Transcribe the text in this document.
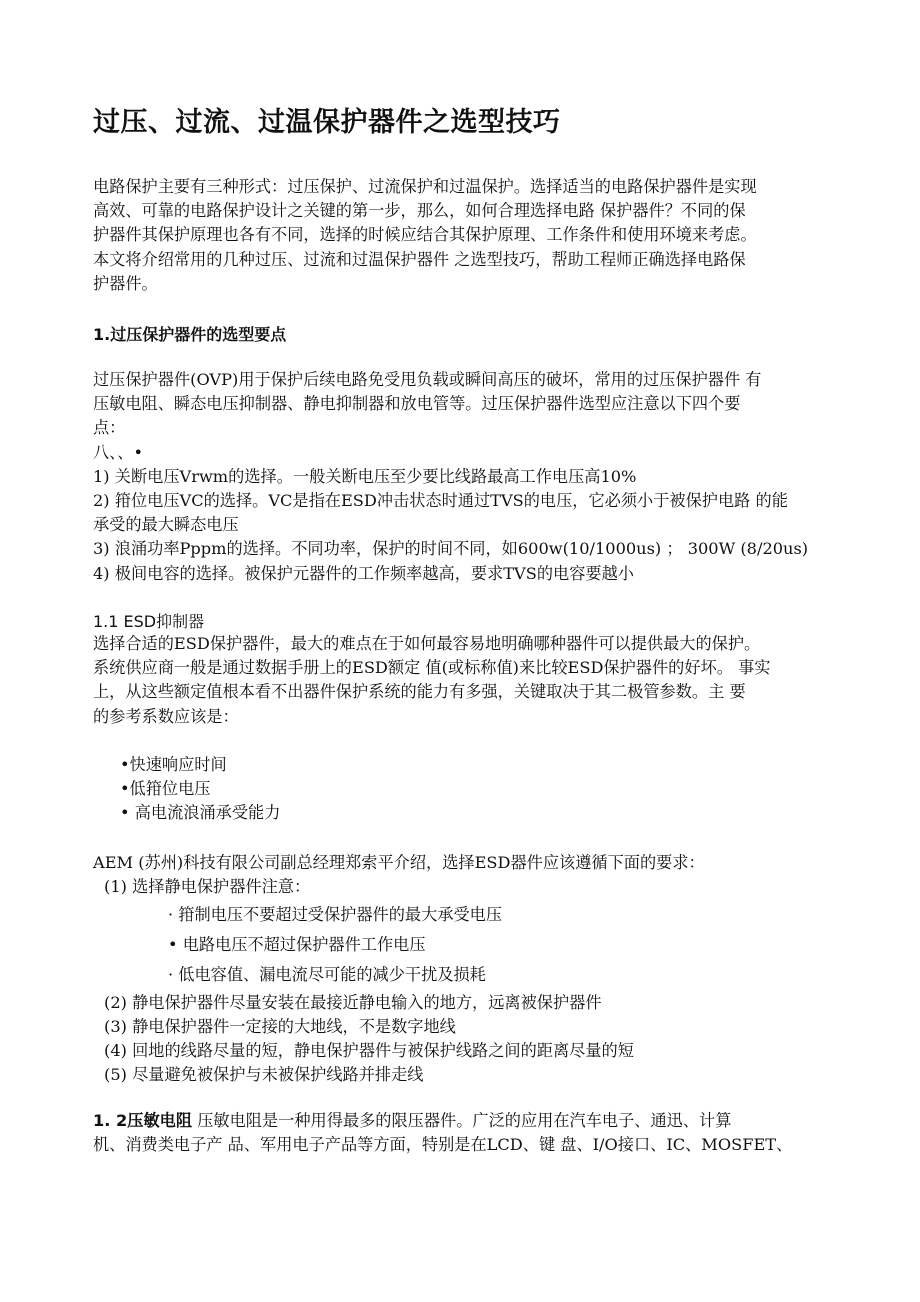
过压、过流、过温保护器件之选型技巧

电路保护主要有三种形式：过压保护、过流保护和过温保护。选择适当的电路保护器件是实现
高效、可靠的电路保护设计之关键的第一步，那么，如何合理选择电路 保护器件？不同的保
护器件其保护原理也各有不同，选择的时候应结合其保护原理、工作条件和使用环境来考虑。
本文将介绍常用的几种过压、过流和过温保护器件 之选型技巧，帮助工程师正确选择电路保
护器件。

1.过压保护器件的选型要点

过压保护器件(OVP)用于保护后续电路免受甩负载或瞬间高压的破坏，常用的过压保护器件 有
压敏电阻、瞬态电压抑制器、静电抑制器和放电管等。过压保护器件选型应注意以下四个要
点：
八、、•
1) 关断电压Vrwm的选择。一般关断电压至少要比线路最高工作电压高10%
2) 箝位电压VC的选择。VC是指在ESD冲击状态时通过TVS的电压，它必须小于被保护电路 的能
承受的最大瞬态电压
3) 浪涌功率Pppm的选择。不同功率，保护的时间不同，如600w(10/1000us) ； 300W (8/20us)
4) 极间电容的选择。被保护元器件的工作频率越高，要求TVS的电容要越小

1.1 ESD抑制器

选择合适的ESD保护器件，最大的难点在于如何最容易地明确哪种器件可以提供最大的保护。
系统供应商一般是通过数据手册上的ESD额定 值(或标称值)来比较ESD保护器件的好坏。 事实
上，从这些额定值根本看不出器件保护系统的能力有多强，关键取决于其二极管参数。主 要
的参考系数应该是：

•快速响应时间
•低箝位电压
• 高电流浪涌承受能力
AEM (苏州)科技有限公司副总经理郑索平介绍，选择ESD器件应该遵循下面的要求：
(1) 选择静电保护器件注意：
· 箝制电压不要超过受保护器件的最大承受电压
• 电路电压不超过保护器件工作电压
· 低电容值、漏电流尽可能的减少干扰及损耗
(2) 静电保护器件尽量安装在最接近静电输入的地方，远离被保护器件
(3) 静电保护器件一定接的大地线，不是数字地线
(4) 回地的线路尽量的短，静电保护器件与被保护线路之间的距离尽量的短
(5) 尽量避免被保护与未被保护线路并排走线

1. 2压敏电阻 压敏电阻是一种用得最多的限压器件。广泛的应用在汽车电子、通迅、计算
机、消费类电子产 品、军用电子产品等方面，特别是在LCD、键 盘、I/O接口、IC、MOSFET、
